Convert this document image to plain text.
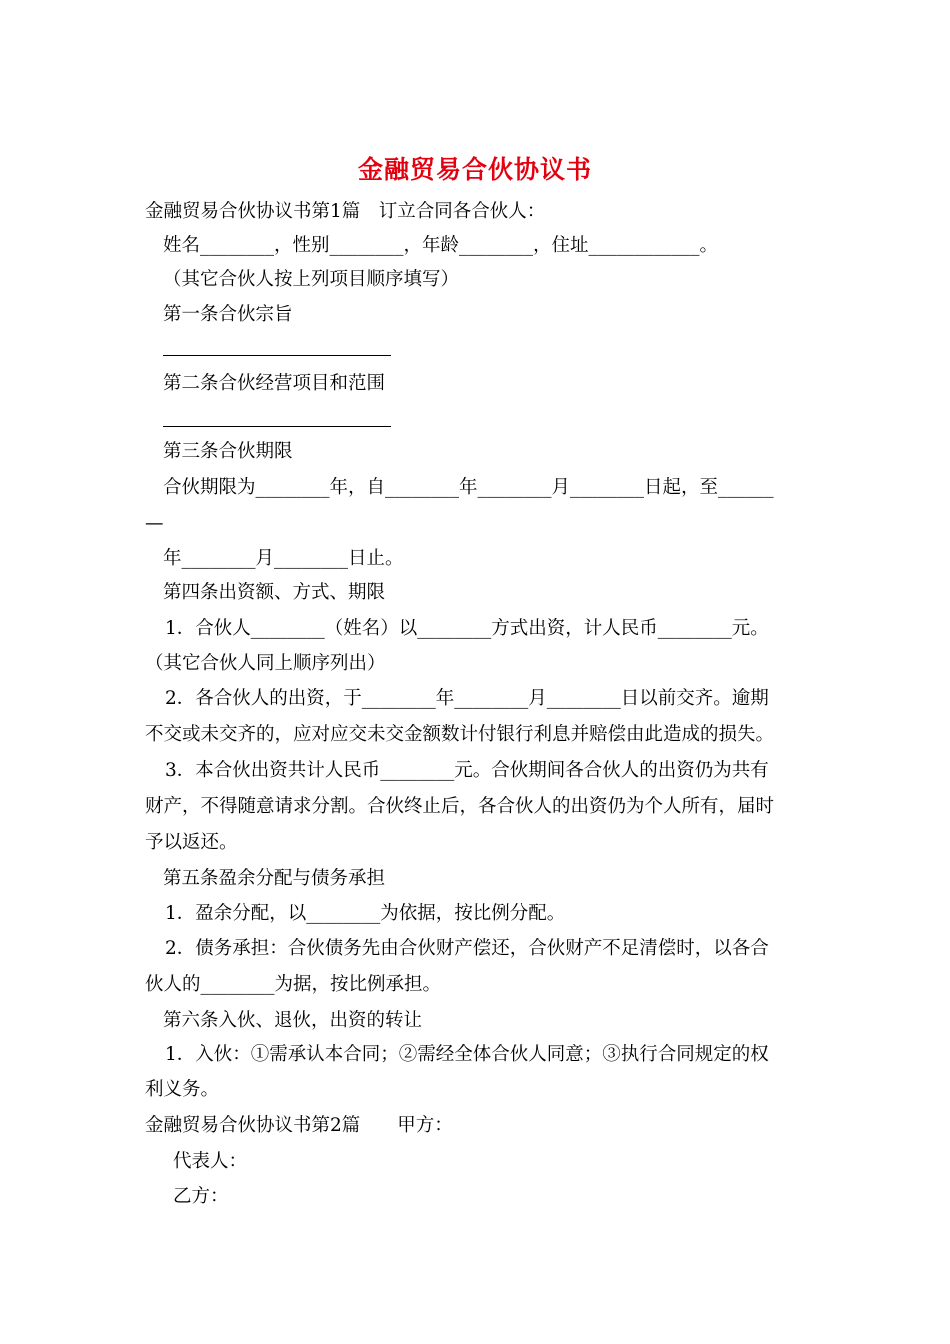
金融贸易合伙协议书
金融贸易合伙协议书第1篇　订立合同各合伙人：
姓名________，性别________，年龄________，住址____________。
（其它合伙人按上列项目顺序填写）
第一条合伙宗旨
第二条合伙经营项目和范围
第三条合伙期限
合伙期限为________年，自________年________月________日起，至______
—
年________月________日止。
第四条出资额、方式、期限
1．合伙人________（姓名）以________方式出资，计人民币________元。
（其它合伙人同上顺序列出）
2．各合伙人的出资，于________年________月________日以前交齐。逾期
不交或未交齐的，应对应交未交金额数计付银行利息并赔偿由此造成的损失。
3．本合伙出资共计人民币________元。合伙期间各合伙人的出资仍为共有
财产，不得随意请求分割。合伙终止后，各合伙人的出资仍为个人所有，届时
予以返还。
第五条盈余分配与债务承担
1．盈余分配，以________为依据，按比例分配。
2．债务承担：合伙债务先由合伙财产偿还，合伙财产不足清偿时，以各合
伙人的________为据，按比例承担。
第六条入伙、退伙，出资的转让
1．入伙：①需承认本合同；②需经全体合伙人同意；③执行合同规定的权
利义务。
金融贸易合伙协议书第2篇　　甲方：
代表人：
乙方：
